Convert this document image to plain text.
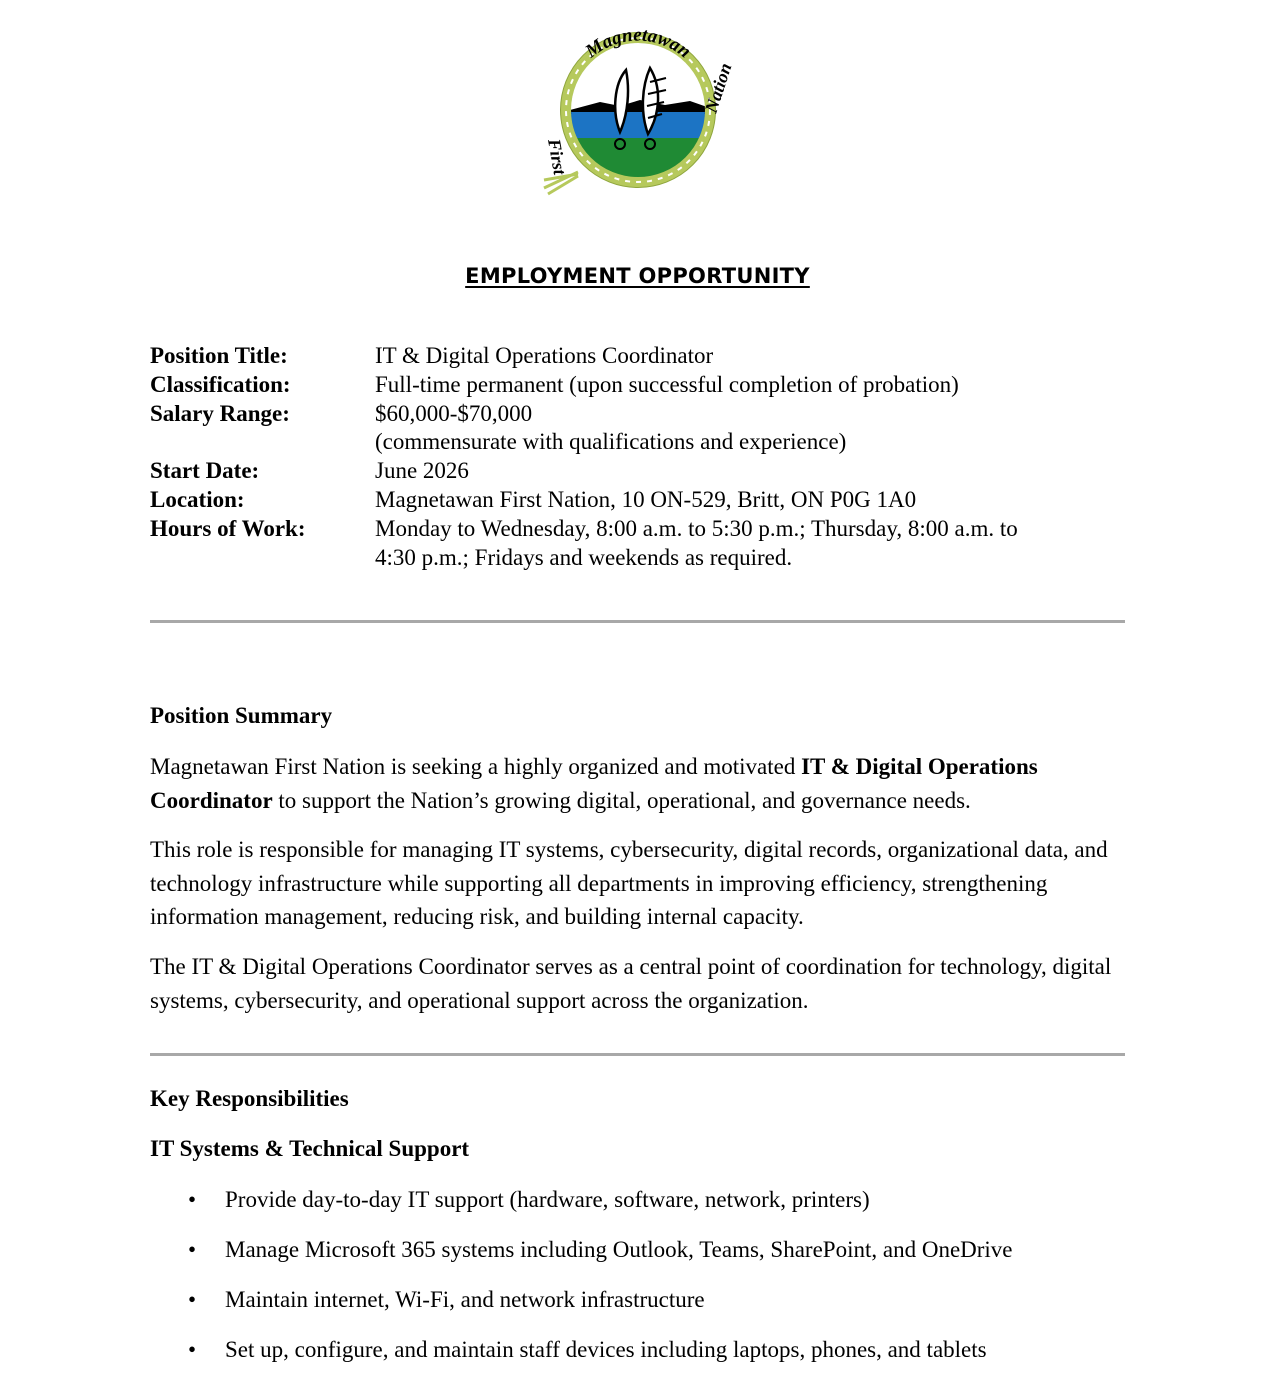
Magnetawan
First
Nation
EMPLOYMENT OPPORTUNITY
Position Title:	IT & Digital Operations Coordinator
Classification:	Full-time permanent (upon successful completion of probation)
Salary Range:	$60,000-$70,000
(commensurate with qualifications and experience)
Start Date:	June 2026
Location:	Magnetawan First Nation, 10 ON-529, Britt, ON P0G 1A0
Hours of Work:	Monday to Wednesday, 8:00 a.m. to 5:30 p.m.; Thursday, 8:00 a.m. to
4:30 p.m.; Fridays and weekends as required.
Position Summary
Magnetawan First Nation is seeking a highly organized and motivated IT & Digital Operations Coordinator to support the Nation’s growing digital, operational, and governance needs.
This role is responsible for managing IT systems, cybersecurity, digital records, organizational data, and technology infrastructure while supporting all departments in improving efficiency, strengthening information management, reducing risk, and building internal capacity.
The IT & Digital Operations Coordinator serves as a central point of coordination for technology, digital systems, cybersecurity, and operational support across the organization.
Key Responsibilities
IT Systems & Technical Support
• Provide day-to-day IT support (hardware, software, network, printers)
• Manage Microsoft 365 systems including Outlook, Teams, SharePoint, and OneDrive
• Maintain internet, Wi-Fi, and network infrastructure
• Set up, configure, and maintain staff devices including laptops, phones, and tablets
